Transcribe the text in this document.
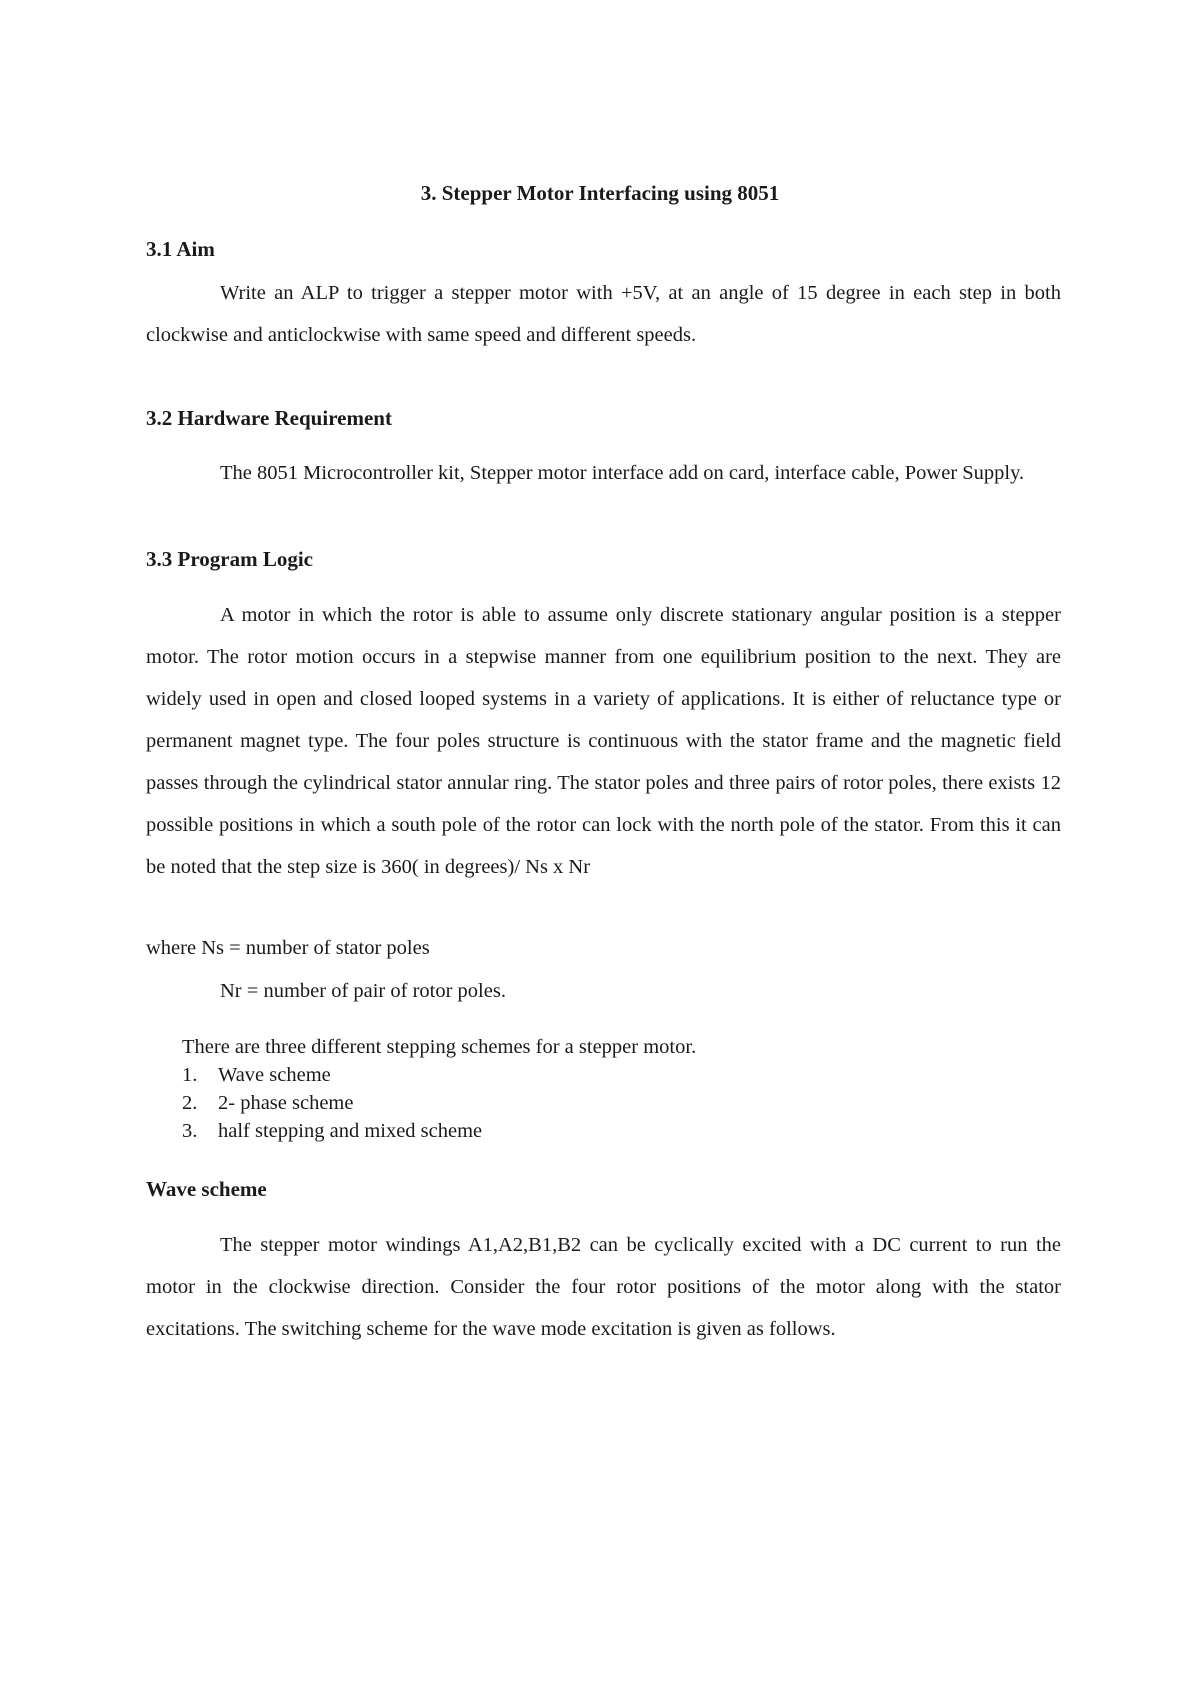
3. Stepper Motor Interfacing using 8051
3.1 Aim
Write an ALP to trigger a stepper motor with +5V, at an angle of 15 degree in each step in both clockwise and anticlockwise with same speed and different speeds.
3.2 Hardware Requirement
The 8051 Microcontroller kit, Stepper motor interface add on card, interface cable, Power Supply.
3.3 Program Logic
A motor in which the rotor is able to assume only discrete stationary angular position is a stepper motor. The rotor motion occurs in a stepwise manner from one equilibrium position to the next. They are widely used in open and closed looped systems in a variety of applications. It is either of reluctance type or permanent magnet type. The four poles structure is continuous with the stator frame and the magnetic field passes through the cylindrical stator annular ring. The stator poles and three pairs of rotor poles, there exists 12 possible positions in which a south pole of the rotor can lock with the north pole of the stator. From this it can be noted that the step size is 360( in degrees)/ Ns x Nr
where Ns = number of stator poles
Nr = number of pair of rotor poles.
There are three different stepping schemes for a stepper motor.
1.	Wave scheme
2.	2- phase scheme
3.	half stepping and mixed scheme
Wave scheme
The stepper motor windings A1,A2,B1,B2 can be cyclically excited with a DC current to run the motor in the clockwise direction. Consider the four rotor positions of the motor along with the stator excitations. The switching scheme for the wave mode excitation is given as follows.
